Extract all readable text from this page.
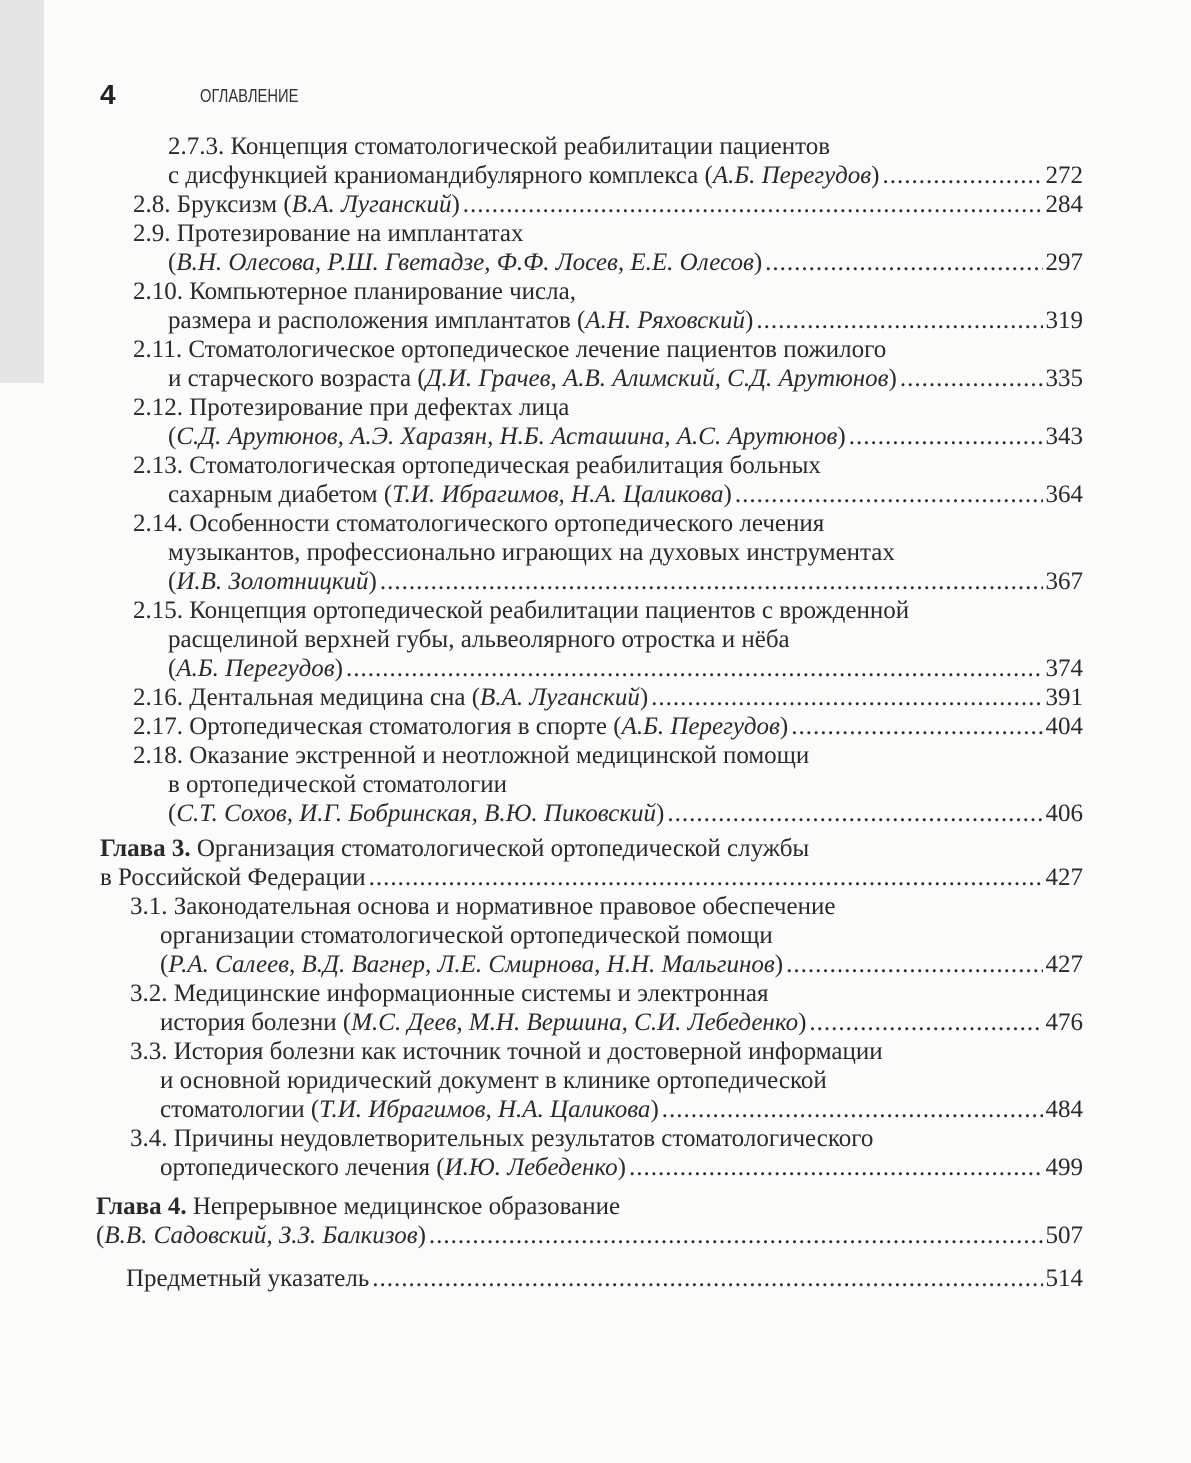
4	ОГЛАВЛЕНИЕ
2.7.3. Концепция стоматологической реабилитации пациентов
с дисфункцией краниомандибулярного комплекса (А.Б. Перегудов) .....	272
2.8. Бруксизм (В.А. Луганский) .....	284
2.9. Протезирование на имплантатах
(В.Н. Олесова, Р.Ш. Гветадзе, Ф.Ф. Лосев, Е.Е. Олесов) .....	297
2.10. Компьютерное планирование числа,
размера и расположения имплантатов (А.Н. Ряховский) .....	319
2.11. Стоматологическое ортопедическое лечение пациентов пожилого
и старческого возраста (Д.И. Грачев, А.В. Алимский, С.Д. Арутюнов) .....	335
2.12. Протезирование при дефектах лица
(С.Д. Арутюнов, А.Э. Харазян, Н.Б. Асташина, А.С. Арутюнов) .....	343
2.13. Стоматологическая ортопедическая реабилитация больных
сахарным диабетом (Т.И. Ибрагимов, Н.А. Цаликова) .....	364
2.14. Особенности стоматологического ортопедического лечения
музыкантов, профессионально играющих на духовых инструментах
(И.В. Золотницкий) .....	367
2.15. Концепция ортопедической реабилитации пациентов с врожденной
расщелиной верхней губы, альвеолярного отростка и нёба
(А.Б. Перегудов) .....	374
2.16. Дентальная медицина сна (В.А. Луганский) .....	391
2.17. Ортопедическая стоматология в спорте (А.Б. Перегудов) .....	404
2.18. Оказание экстренной и неотложной медицинской помощи
в ортопедической стоматологии
(С.Т. Сохов, И.Г. Бобринская, В.Ю. Пиковский) .....	406
Глава 3. Организация стоматологической ортопедической службы
в Российской Федерации .....	427
3.1. Законодательная основа и нормативное правовое обеспечение
организации стоматологической ортопедической помощи
(Р.А. Салеев, В.Д. Вагнер, Л.Е. Смирнова, Н.Н. Мальгинов) .....	427
3.2. Медицинские информационные системы и электронная
история болезни (М.С. Деев, М.Н. Вершина, С.И. Лебеденко) .....	476
3.3. История болезни как источник точной и достоверной информации
и основной юридический документ в клинике ортопедической
стоматологии (Т.И. Ибрагимов, Н.А. Цаликова) .....	484
3.4. Причины неудовлетворительных результатов стоматологического
ортопедического лечения (И.Ю. Лебеденко) .....	499
Глава 4. Непрерывное медицинское образование
(В.В. Садовский, З.З. Балкизов) .....	507
Предметный указатель .....	514
